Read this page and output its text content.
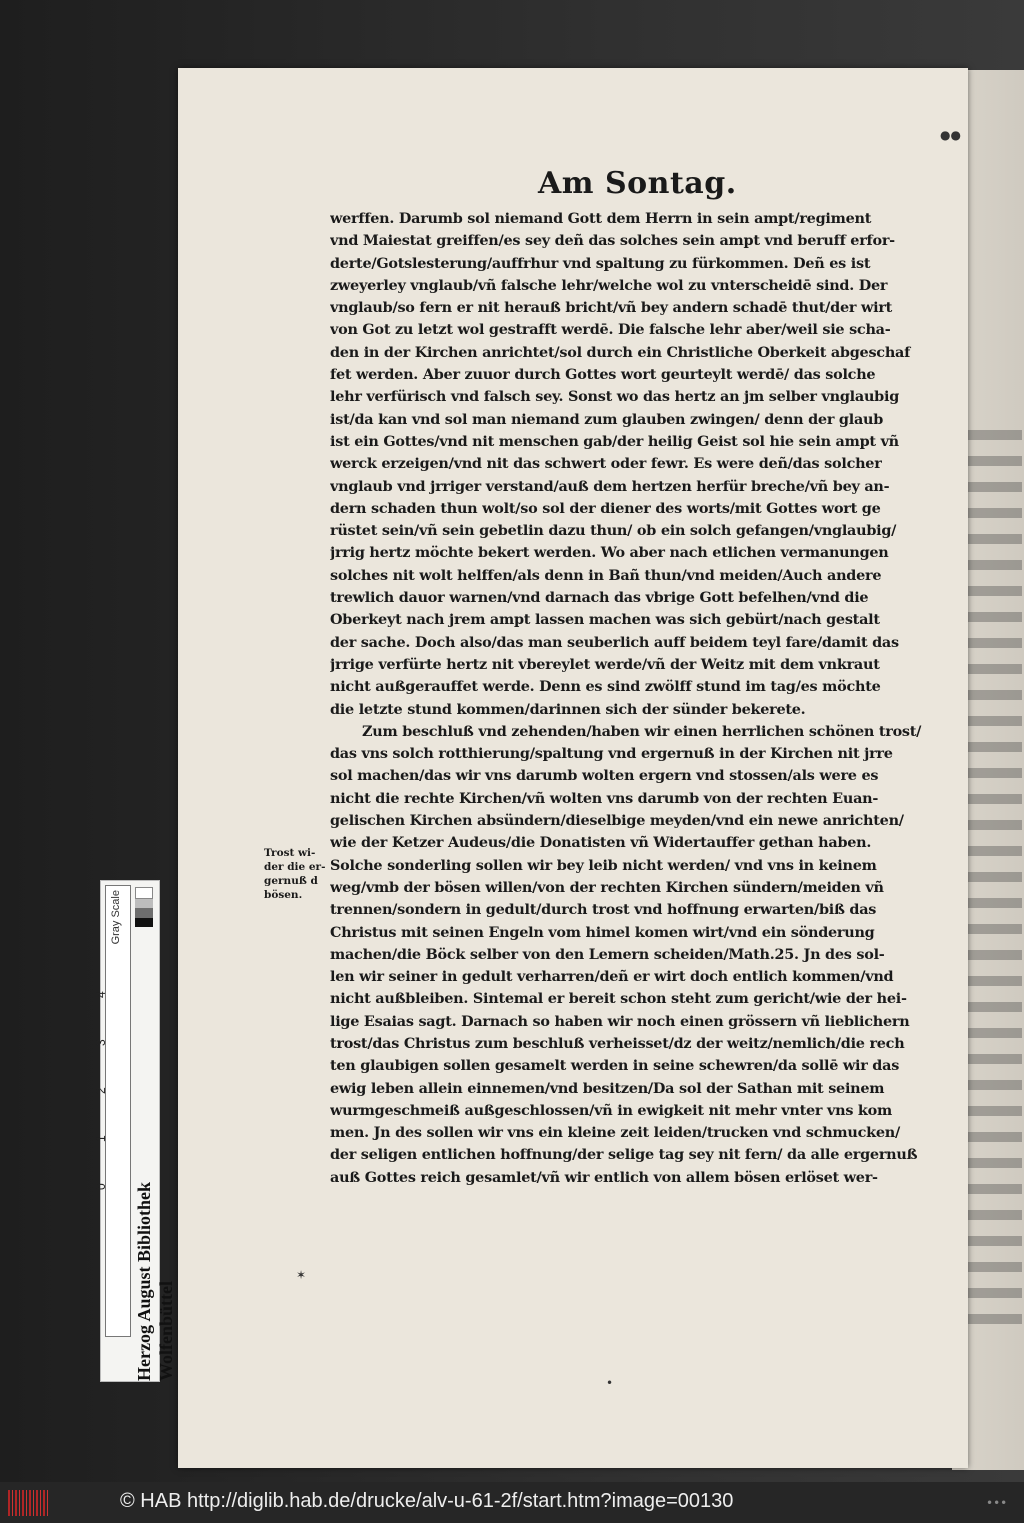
●●
Am Sontag.
werffen. Darumb sol niemand Gott dem Herrn in sein ampt/regiment
vnd Maiestat greiffen/es sey deñ das solches sein ampt vnd beruff erfor-
derte/Gotslesterung/auffrhur vnd spaltung zu fürkommen. Deñ es ist
zweyerley vnglaub/vñ falsche lehr/welche wol zu vnterscheidē sind. Der
vnglaub/so fern er nit herauß bricht/vñ bey andern schadē thut/der wirt
von Got zu letzt wol gestrafft werdē. Die falsche lehr aber/weil sie scha-
den in der Kirchen anrichtet/sol durch ein Christliche Oberkeit abgeschaf
fet werden. Aber zuuor durch Gottes wort geurteylt werdē/ das solche
lehr verfürisch vnd falsch sey. Sonst wo das hertz an jm selber vnglaubig
ist/da kan vnd sol man niemand zum glauben zwingen/ denn der glaub
ist ein Gottes/vnd nit menschen gab/der heilig Geist sol hie sein ampt vñ
werck erzeigen/vnd nit das schwert oder fewr. Es were deñ/das solcher
vnglaub vnd jrriger verstand/auß dem hertzen herfür breche/vñ bey an-
dern schaden thun wolt/so sol der diener des worts/mit Gottes wort ge
rüstet sein/vñ sein gebetlin dazu thun/ ob ein solch gefangen/vnglaubig/
jrrig hertz möchte bekert werden. Wo aber nach etlichen vermanungen
solches nit wolt helffen/als denn in Bañ thun/vnd meiden/Auch andere
trewlich dauor warnen/vnd darnach das vbrige Gott befelhen/vnd die
Oberkeyt nach jrem ampt lassen machen was sich gebürt/nach gestalt
der sache. Doch also/das man seuberlich auff beidem teyl fare/damit das
jrrige verfürte hertz nit vbereylet werde/vñ der Weitz mit dem vnkraut
nicht außgerauffet werde. Denn es sind zwölff stund im tag/es möchte
die letzte stund kommen/darinnen sich der sünder bekerete.
Zum beschluß vnd zehenden/haben wir einen herrlichen schönen trost/
das vns solch rotthierung/spaltung vnd ergernuß in der Kirchen nit jrre
sol machen/das wir vns darumb wolten ergern vnd stossen/als were es
nicht die rechte Kirchen/vñ wolten vns darumb von der rechten Euan-
gelischen Kirchen absündern/dieselbige meyden/vnd ein newe anrichten/
wie der Ketzer Audeus/die Donatisten vñ Widertauffer gethan haben.
Solche sonderling sollen wir bey leib nicht werden/ vnd vns in keinem
weg/vmb der bösen willen/von der rechten Kirchen sündern/meiden vñ
trennen/sondern in gedult/durch trost vnd hoffnung erwarten/biß das
Christus mit seinen Engeln vom himel komen wirt/vnd ein sönderung
machen/die Böck selber von den Lemern scheiden/Math.25. Jn des sol-
len wir seiner in gedult verharren/deñ er wirt doch entlich kommen/vnd
nicht außbleiben. Sintemal er bereit schon steht zum gericht/wie der hei-
lige Esaias sagt. Darnach so haben wir noch einen grössern vñ lieblichern
trost/das Christus zum beschluß verheisset/dz der weitz/nemlich/die rech
ten glaubigen sollen gesamelt werden in seine schewren/da sollē wir das
ewig leben allein einnemen/vnd besitzen/Da sol der Sathan mit seinem
wurmgeschmeiß außgeschlossen/vñ in ewigkeit nit mehr vnter vns kom
men. Jn des sollen wir vns ein kleine zeit leiden/trucken vnd schmucken/
der seligen entlichen hoffnung/der selige tag sey nit fern/ da alle ergernuß
auß Gottes reich gesamlet/vñ wir entlich von allem bösen erlöset wer-
Trost wi-
der die er-
gernuß d
bösen.
✶
•
Gray Scale
4
3
2
1
0	Herzog August Bibliothek Wolfenbüttel
© HAB http://diglib.hab.de/drucke/alv-u-61-2f/start.htm?image=00130	•••
